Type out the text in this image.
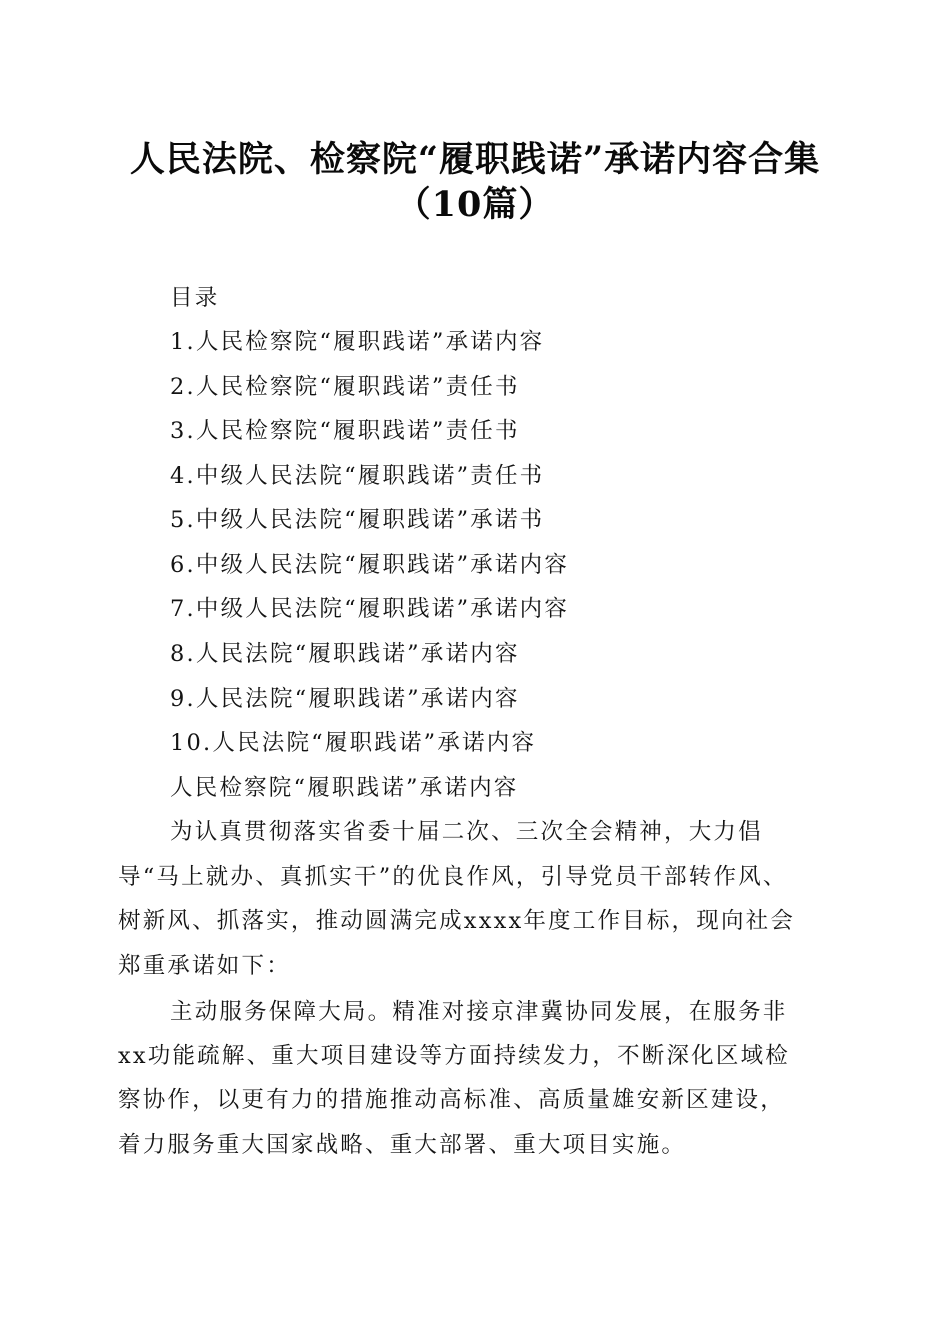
人民法院、检察院“履职践诺”承诺内容合集
（10篇）
目录
1.人民检察院“履职践诺”承诺内容
2.人民检察院“履职践诺”责任书
3.人民检察院“履职践诺”责任书
4.中级人民法院“履职践诺”责任书
5.中级人民法院“履职践诺”承诺书
6.中级人民法院“履职践诺”承诺内容
7.中级人民法院“履职践诺”承诺内容
8.人民法院“履职践诺”承诺内容
9.人民法院“履职践诺”承诺内容
10.人民法院“履职践诺”承诺内容
人民检察院“履职践诺”承诺内容
为认真贯彻落实省委十届二次、三次全会精神，大力倡
导“马上就办、真抓实干”的优良作风，引导党员干部转作风、
树新风、抓落实，推动圆满完成xxxx年度工作目标，现向社会
郑重承诺如下：
主动服务保障大局。精准对接京津冀协同发展，在服务非
xx功能疏解、重大项目建设等方面持续发力，不断深化区域检
察协作，以更有力的措施推动高标准、高质量雄安新区建设，
着力服务重大国家战略、重大部署、重大项目实施。
